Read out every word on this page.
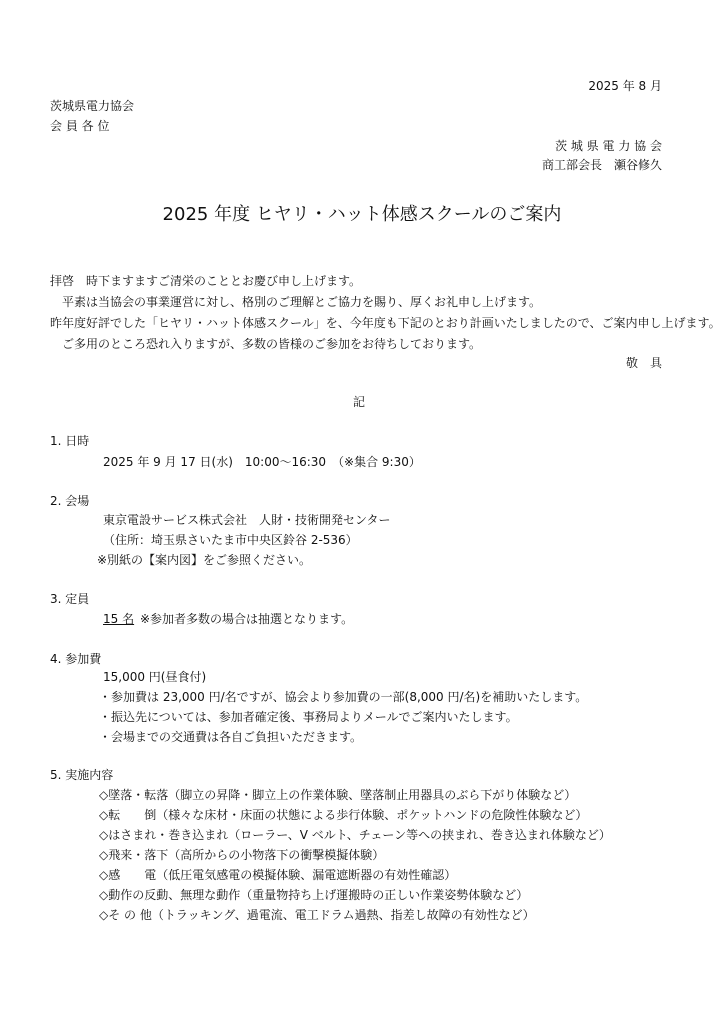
2025 年 8 月
茨城県電力協会
会 員 各 位
茨 城 県 電 力 協 会
商工部会長　瀬谷修久
2025 年度 ヒヤリ・ハット体感スクールのご案内
拝啓　時下ますますご清栄のこととお慶び申し上げます。
　平素は当協会の事業運営に対し、格別のご理解とご協力を賜り、厚くお礼申し上げます。
昨年度好評でした「ヒヤリ・ハット体感スクール」を、今年度も下記のとおり計画いたしましたので、ご案内申し上げます。
　ご多用のところ恐れ入りますが、多数の皆様のご参加をお待ちしております。
敬　具
記
1. 日時
2025 年 9 月 17 日(水)　10:00～16:30　（※集合 9:30）
2. 会場
東京電設サービス株式会社　人財・技術開発センター
（住所：埼玉県さいたま市中央区鈴谷 2-536）
※別紙の【案内図】をご参照ください。
3. 定員
15 名 ※参加者多数の場合は抽選となります。
4. 参加費
15,000 円(昼食付)
・参加費は 23,000 円/名ですが、協会より参加費の一部(8,000 円/名)を補助いたします。
・振込先については、参加者確定後、事務局よりメールでご案内いたします。
・会場までの交通費は各自ご負担いただきます。
5. 実施内容
◇墜落・転落（脚立の昇降・脚立上の作業体験、墜落制止用器具のぶら下がり体験など）
◇転　　倒（様々な床材・床面の状態による歩行体験、ポケットハンドの危険性体験など）
◇はさまれ・巻き込まれ（ローラー、V ベルト、チェーン等への挟まれ、巻き込まれ体験など）
◇飛来・落下（高所からの小物落下の衝撃模擬体験）
◇感　　電（低圧電気感電の模擬体験、漏電遮断器の有効性確認）
◇動作の反動、無理な動作（重量物持ち上げ運搬時の正しい作業姿勢体験など）
◇そ の 他（トラッキング、過電流、電工ドラム過熱、指差し故障の有効性など）
